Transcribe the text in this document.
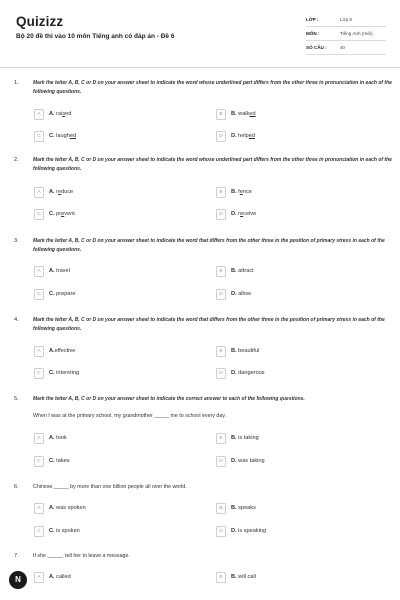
Quizizz
Bộ 20 đề thi vào 10 môn Tiếng anh có đáp án - Đề 6
LỚP :	Lớp 9
MÔN :	Tiếng Anh (mới)
SỐ CÂU :	40
1.	Mark the letter A, B, C or D on your answer sheet to indicate the word whose underlined part differs from the other three in pronunciation in each of the following questions.
A	A. raised	B	B. walked
C	C. laughed	D	D. helped
2.	Mark the letter A, B, C or D on your answer sheet to indicate the word whose underlined part differs from the other three in pronunciation in each of the following questions.
A	A. reduce	B	B. fence
C	C. prevent	D	D. receive
3.	Mark the letter A, B, C or D on your answer sheet to indicate the word that differs from the other three in the position of primary stress in each of the following questions.
A	A. travel	B	B. attract
C	C. prepare	D	D. allow
4.	Mark the letter A, B, C or D on your answer sheet to indicate the word that differs from the other three in the position of primary stress in each of the following questions.
A	A.effective	B	B. beautiful
C	C. intereting	D	D. dangerous
5.	Mark the letter A, B, C or D on your answer sheet to indicate the correct answer to each of the following questions.
When I was at the primary school, my grandmother _____ me to school every day.
A	A. took	B	B. is taking
C	C. takes	D	D. was taking
6.	Chinese _____ by more than one billion people all over the world.
A	A. was spoken	B	B. speaks
C	C. is spoken	D	D. is speaking
7.	If she _____, tell her to leave a message.
A	A. called	B	B. will call
N
